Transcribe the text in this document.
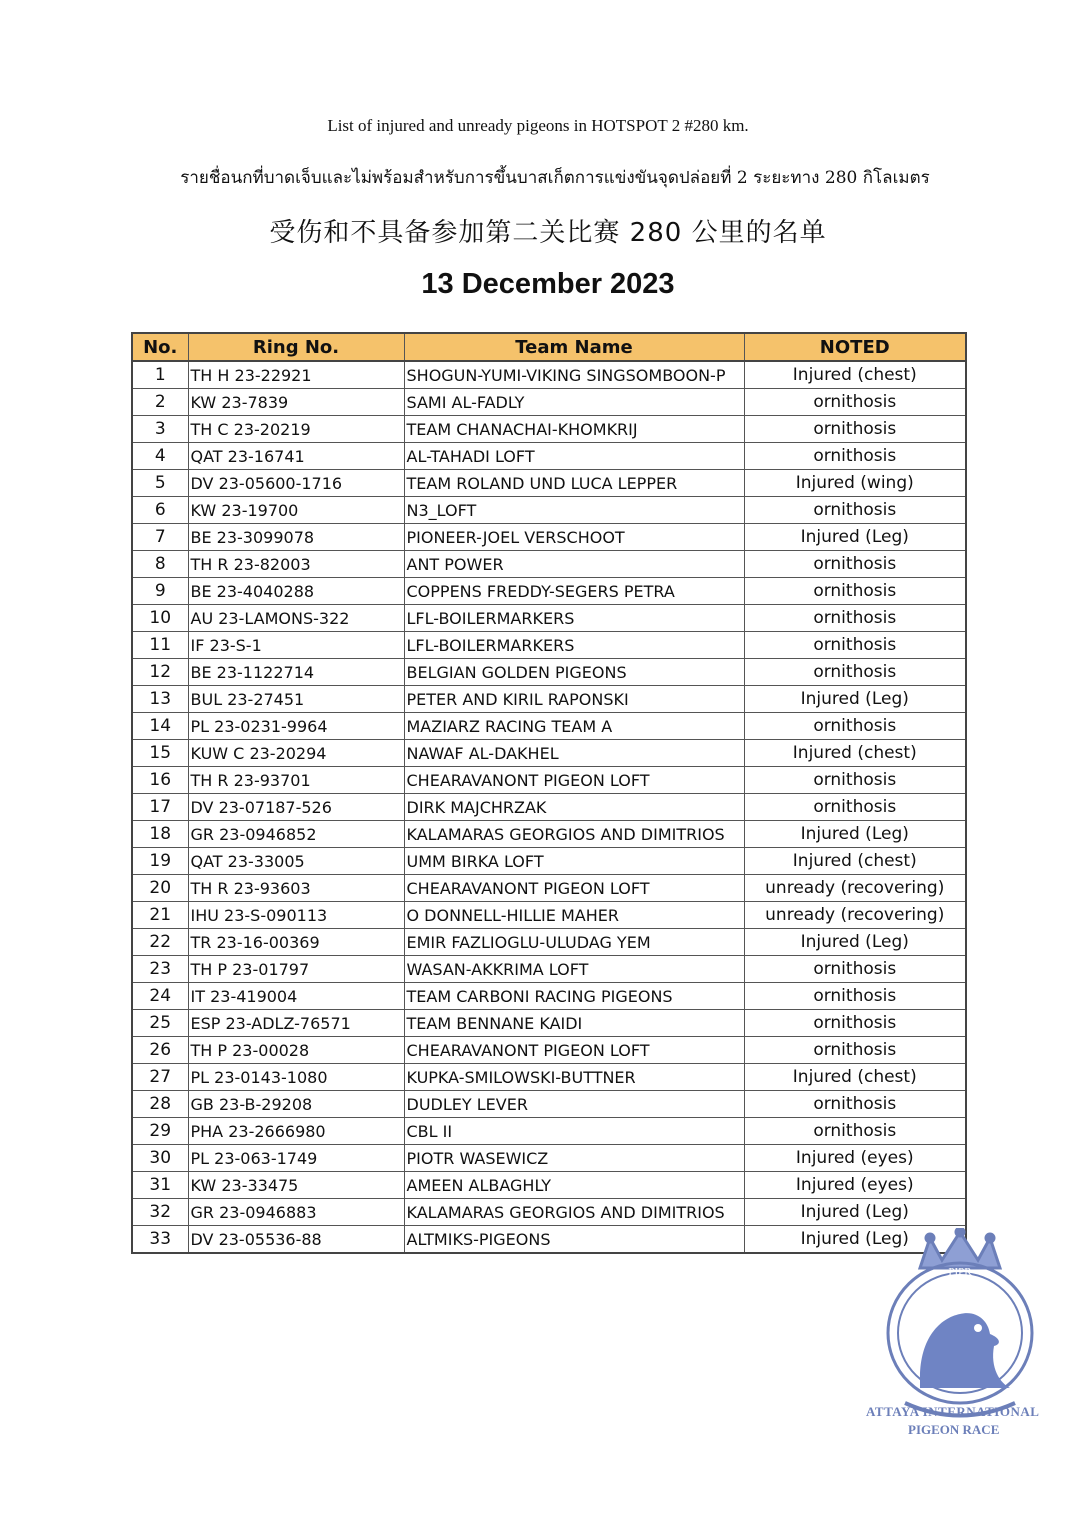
List of injured and unready pigeons in HOTSPOT 2 #280 km.
รายชื่อนกที่บาดเจ็บและไม่พร้อมสำหรับการขึ้นบาสเก็ตการแข่งขันจุดปล่อยที่ 2 ระยะทาง 280 กิโลเมตร
受伤和不具备参加第二关比赛 280 公里的名单
13 December 2023
No.	Ring No.	Team Name	NOTED
1	TH H 23-22921	SHOGUN-YUMI-VIKING SINGSOMBOON-P	Injured (chest)
2	KW 23-7839	SAMI AL-FADLY	ornithosis
3	TH C 23-20219	TEAM CHANACHAI-KHOMKRIJ	ornithosis
4	QAT 23-16741	AL-TAHADI LOFT	ornithosis
5	DV 23-05600-1716	TEAM ROLAND UND LUCA LEPPER	Injured (wing)
6	KW 23-19700	N3_LOFT	ornithosis
7	BE 23-3099078	PIONEER-JOEL VERSCHOOT	Injured (Leg)
8	TH R 23-82003	ANT POWER	ornithosis
9	BE 23-4040288	COPPENS FREDDY-SEGERS PETRA	ornithosis
10	AU 23-LAMONS-322	LFL-BOILERMARKERS	ornithosis
11	IF 23-S-1	LFL-BOILERMARKERS	ornithosis
12	BE 23-1122714	BELGIAN GOLDEN PIGEONS	ornithosis
13	BUL 23-27451	PETER AND KIRIL RAPONSKI	Injured (Leg)
14	PL 23-0231-9964	MAZIARZ RACING TEAM A	ornithosis
15	KUW C 23-20294	NAWAF AL-DAKHEL	Injured (chest)
16	TH R 23-93701	CHEARAVANONT PIGEON LOFT	ornithosis
17	DV 23-07187-526	DIRK MAJCHRZAK	ornithosis
18	GR 23-0946852	KALAMARAS GEORGIOS AND DIMITRIOS	Injured (Leg)
19	QAT 23-33005	UMM BIRKA LOFT	Injured (chest)
20	TH R 23-93603	CHEARAVANONT PIGEON LOFT	unready (recovering)
21	IHU 23-S-090113	O DONNELL-HILLIE MAHER	unready (recovering)
22	TR 23-16-00369	EMIR FAZLIOGLU-ULUDAG YEM	Injured (Leg)
23	TH P 23-01797	WASAN-AKKRIMA LOFT	ornithosis
24	IT 23-419004	TEAM CARBONI RACING PIGEONS	ornithosis
25	ESP 23-ADLZ-76571	TEAM BENNANE KAIDI	ornithosis
26	TH P 23-00028	CHEARAVANONT PIGEON LOFT	ornithosis
27	PL 23-0143-1080	KUPKA-SMILOWSKI-BUTTNER	Injured (chest)
28	GB 23-B-29208	DUDLEY LEVER	ornithosis
29	PHA 23-2666980	CBL II	ornithosis
30	PL 23-063-1749	PIOTR WASEWICZ	Injured (eyes)
31	KW 23-33475	AMEEN ALBAGHLY	Injured (eyes)
32	GR 23-0946883	KALAMARAS GEORGIOS AND DIMITRIOS	Injured (Leg)
33	DV 23-05536-88	ALTMIKS-PIGEONS	Injured (Leg)
PIPR
ATTAYA INTERNATIONAL
PIGEON RACE
